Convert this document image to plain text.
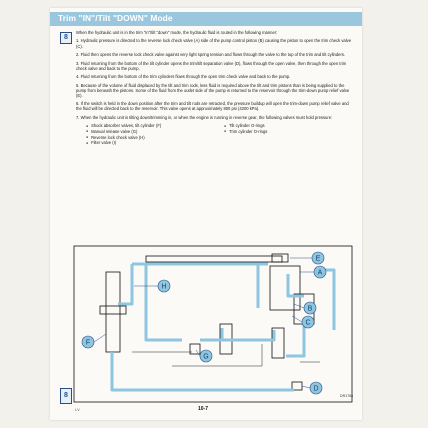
Trim "IN"/Tilt "DOWN" Mode
8

When the hydraulic unit is in the trim "in"/tilt "down" mode, the hydraulic fluid is routed in the following manner:

1. Hydraulic pressure is directed to the reverse lock check valve (A) side of the pump control piston (B) causing the piston to open the trim check valve (C).

2. Fluid then opens the reverse lock check valve against very light spring tension and flows through the valve to the top of the trim and tilt cylinders.

3. Fluid returning from the bottom of the tilt cylinder opens the trim/tilt separation valve (D), flows through the open valve, then through the open trim check valve and back to the pump.

4. Fluid returning from the bottom of the trim cylinders flows through the open trim check valve and back to the pump.

5. Because of the volume of fluid displaced by the tilt and trim rods, less fluid is required above the tilt and trim pistons than is being supplied to the pump from beneath the pistons. Some of the fluid from the outlet side of the pump is returned to the reservoir through the trim-down pump relief valve (E).

6. If the switch is held in the down position after the trim and tilt rods are retracted, the pressure buildup will open the trim-down pump relief valve and the fluid will be directed back to the reservoir. This valve opens at approximately 800 psi (4200 kPa).

7. When the hydraulic unit is tilting down/trimming in, or when the engine is running in reverse gear, the following valves must hold pressure:

● Shock absorber valves, tilt cylinder (F)
● Manual release valve (G)
● Reverse lock check valve (H)
● Filter valve (I)
● Tilt cylinder O-rings
● Trim cylinder O-rings
E
A
H
B
C
F
G
D
8	DR1766
I-V	10-7
